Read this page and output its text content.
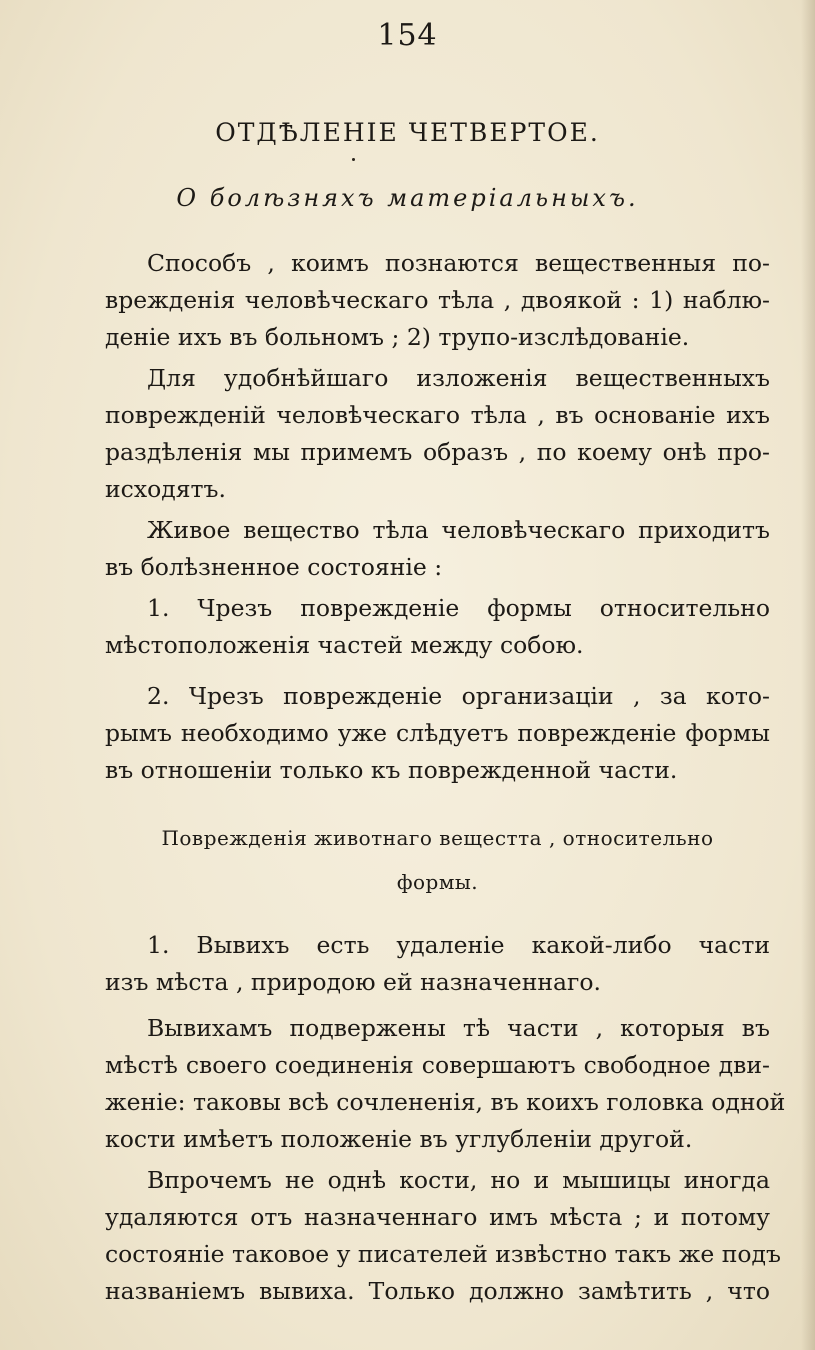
154
ОТДѢЛЕНІЕ ЧЕТВЕРТОЕ.
О болѣзняхъ матеріальныхъ.
Способъ , коимъ познаются вещественныя по-
врежденія человѣческаго тѣла , двоякой : 1) наблю-
деніе ихъ въ больномъ ; 2) трупо-изслѣдованіе.
Для удобнѣйшаго изложенія вещественныхъ
поврежденій человѣческаго тѣла , въ основаніе ихъ
раздѣленія мы примемъ образъ , по коему онѣ про-
исходятъ.
Живое вещество тѣла человѣческаго приходитъ
въ болѣзненное состояніе :
1. Чрезъ поврежденіе формы относительно
мѣстоположенія частей между собою.
2. Чрезъ поврежденіе организаціи , за кото-
рымъ необходимо уже слѣдуетъ поврежденіе формы
въ отношеніи только къ поврежденной части.
Поврежденія животнаго вещестта , относительно
формы.
1. Вывихъ есть удаленіе какой-либо части
изъ мѣста , природою ей назначеннаго.
Вывихамъ подвержены тѣ части , которыя въ
мѣстѣ своего соединенія совершаютъ свободное дви-
женіе: таковы всѣ сочлененія, въ коихъ головка одной
кости имѣетъ положеніе въ углубленіи другой.
Впрочемъ не однѣ кости, но и мышицы иногда
удаляются отъ назначеннаго имъ мѣста ; и потому
состояніе таковое у писателей извѣстно такъ же подъ
названіемъ вывиха. Только должно замѣтить , что
